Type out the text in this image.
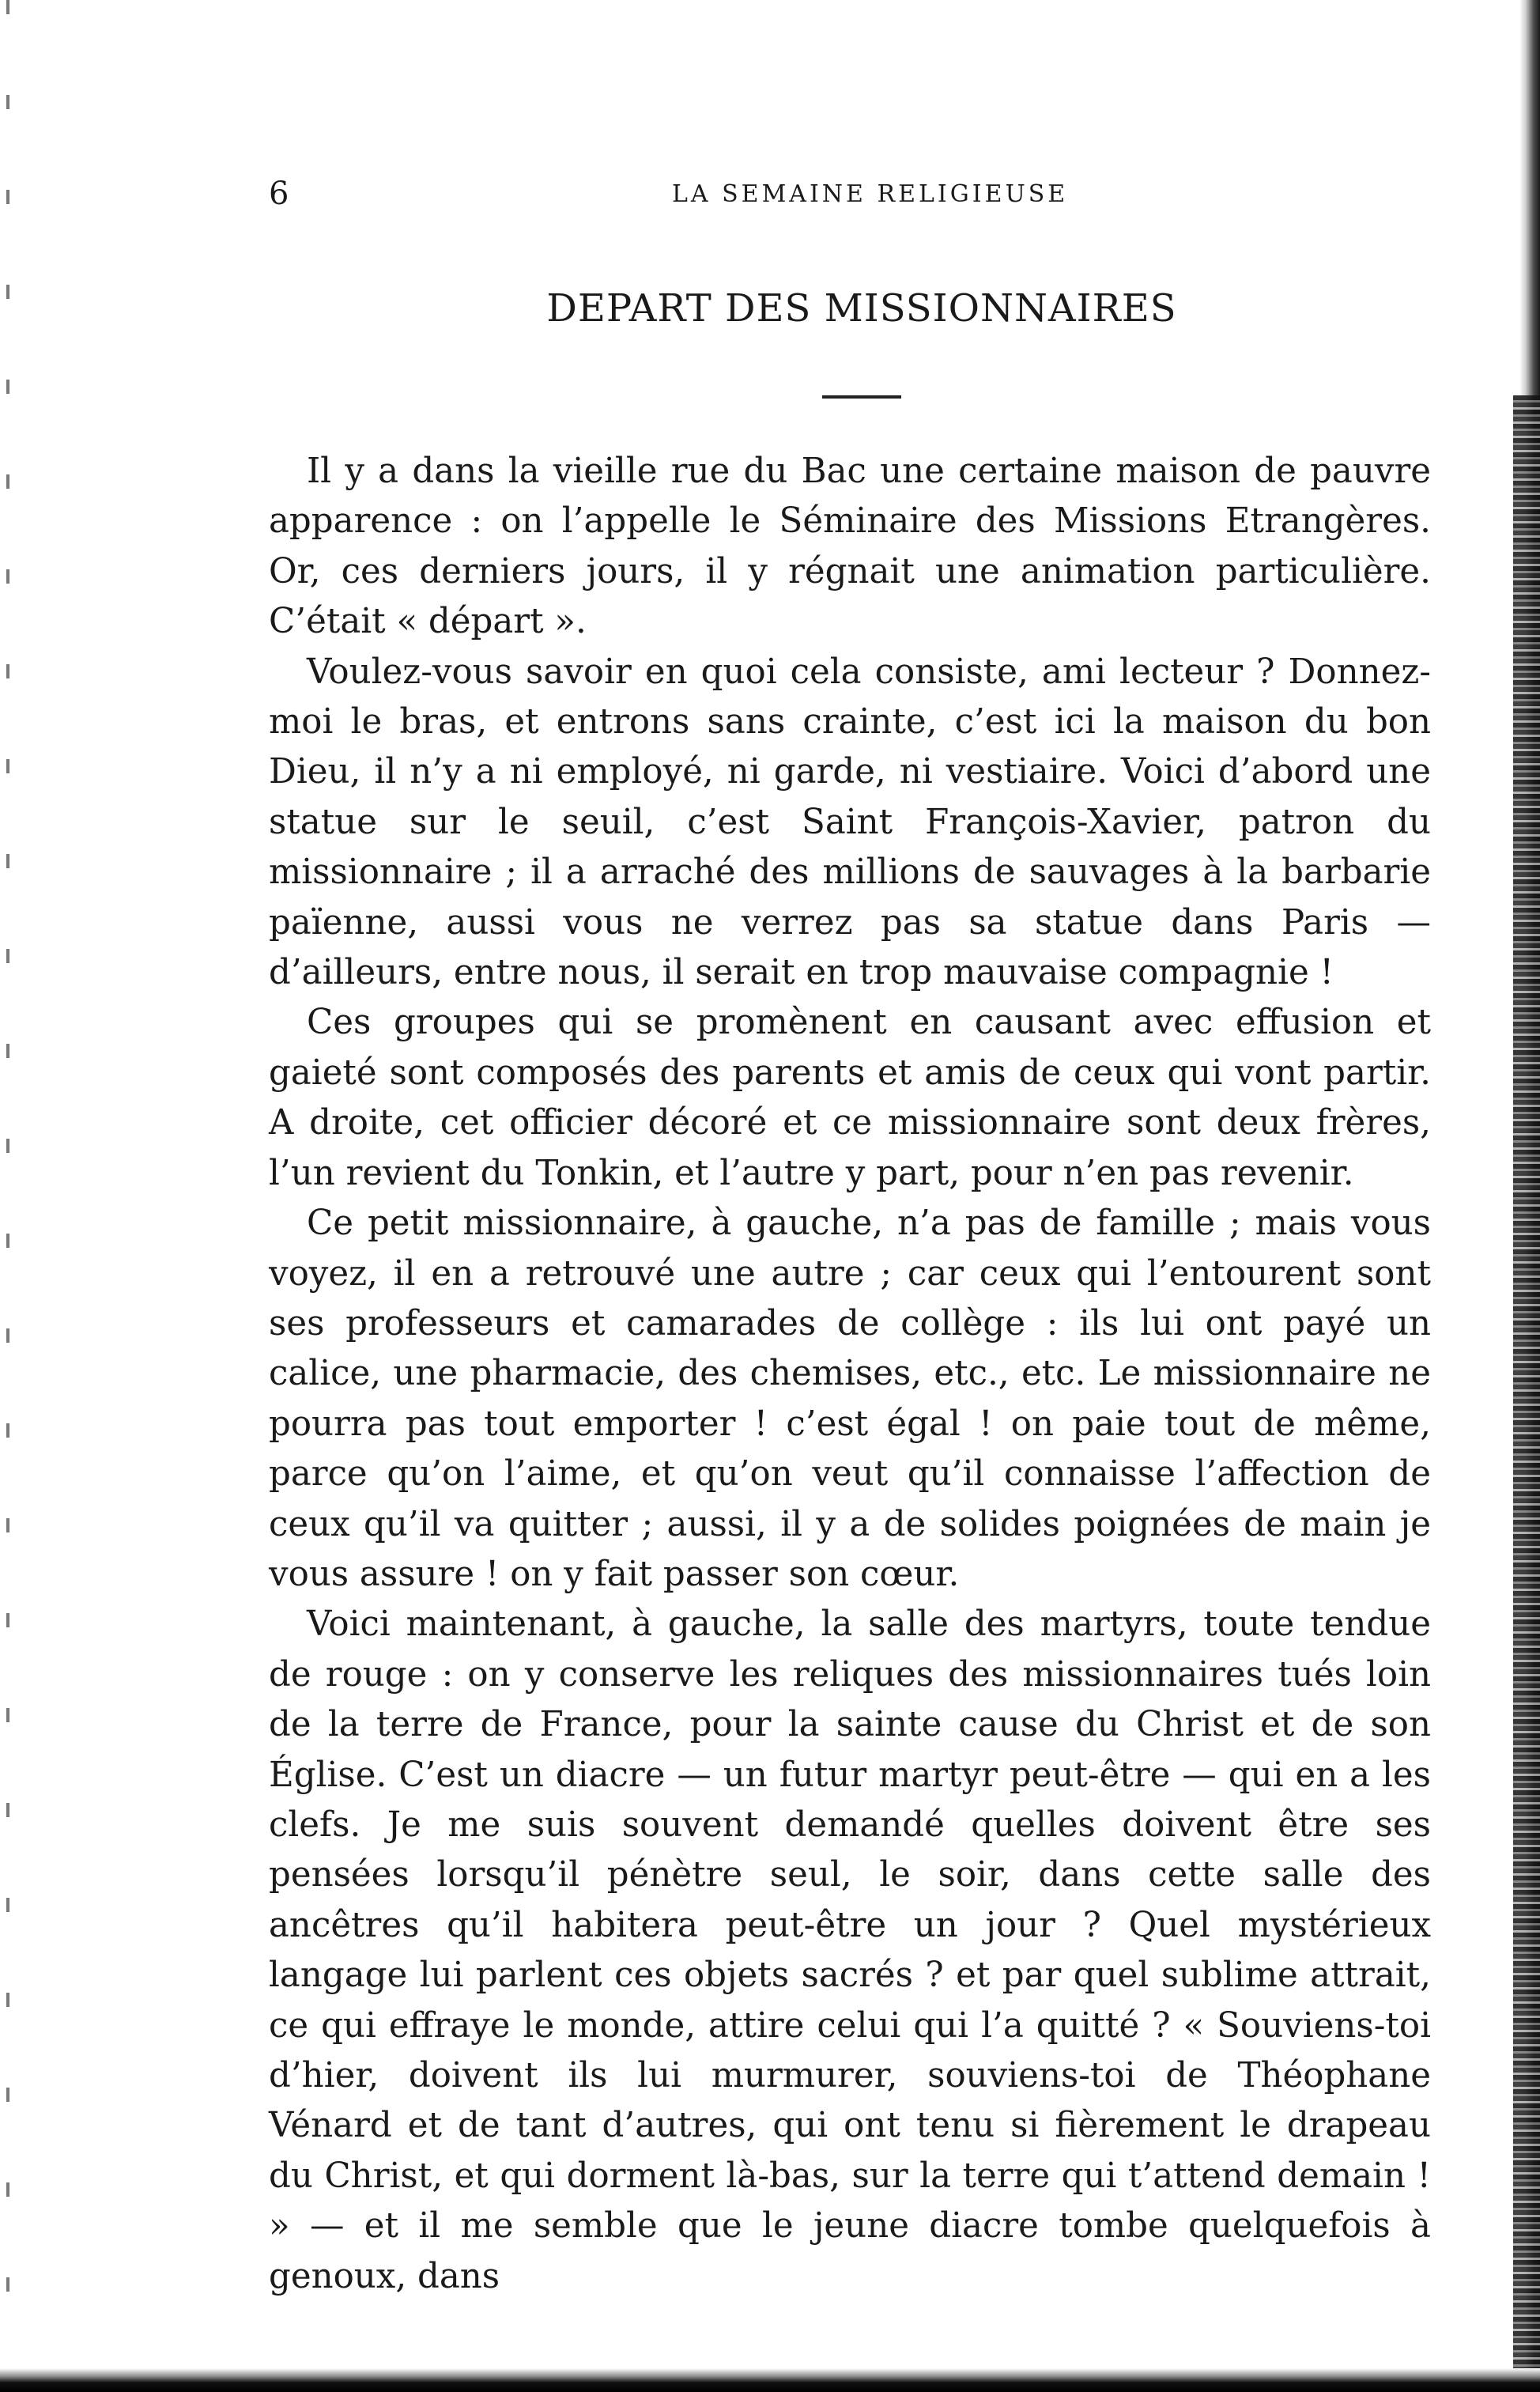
6	LA SEMAINE RELIGIEUSE
DEPART DES MISSIONNAIRES

Il y a dans la vieille rue du Bac une certaine maison de pauvre apparence : on l’appelle le Séminaire des Missions Etrangères. Or, ces derniers jours, il y régnait une animation particulière. C’était « départ ».

Voulez-vous savoir en quoi cela consiste, ami lecteur ? Donnez-moi le bras, et entrons sans crainte, c’est ici la maison du bon Dieu, il n’y a ni employé, ni garde, ni vestiaire. Voici d’abord une statue sur le seuil, c’est Saint François-Xavier, patron du missionnaire ; il a arraché des millions de sauvages à la barbarie païenne, aussi vous ne verrez pas sa statue dans Paris — d’ailleurs, entre nous, il serait en trop mauvaise compagnie !

Ces groupes qui se promènent en causant avec effusion et gaieté sont composés des parents et amis de ceux qui vont partir. A droite, cet officier décoré et ce missionnaire sont deux frères, l’un revient du Tonkin, et l’autre y part, pour n’en pas revenir.

Ce petit missionnaire, à gauche, n’a pas de famille ; mais vous voyez, il en a retrouvé une autre ; car ceux qui l’entourent sont ses professeurs et camarades de collège : ils lui ont payé un calice, une pharmacie, des chemises, etc., etc. Le missionnaire ne pourra pas tout emporter ! c’est égal ! on paie tout de même, parce qu’on l’aime, et qu’on veut qu’il connaisse l’affection de ceux qu’il va quitter ; aussi, il y a de solides poignées de main je vous assure ! on y fait passer son cœur.

Voici maintenant, à gauche, la salle des martyrs, toute tendue de rouge : on y conserve les reliques des missionnaires tués loin de la terre de France, pour la sainte cause du Christ et de son Église. C’est un diacre — un futur martyr peut-être — qui en a les clefs. Je me suis souvent demandé quelles doivent être ses pensées lorsqu’il pénètre seul, le soir, dans cette salle des ancêtres qu’il habitera peut-être un jour ? Quel mystérieux langage lui parlent ces objets sacrés ? et par quel sublime attrait, ce qui effraye le monde, attire celui qui l’a quitté ? « Souviens-toi d’hier, doivent ils lui murmurer, souviens-toi de Théophane Vénard et de tant d’autres, qui ont tenu si fièrement le drapeau du Christ, et qui dorment là-bas, sur la terre qui t’attend demain ! » — et il me semble que le jeune diacre tombe quelquefois à genoux, dans
